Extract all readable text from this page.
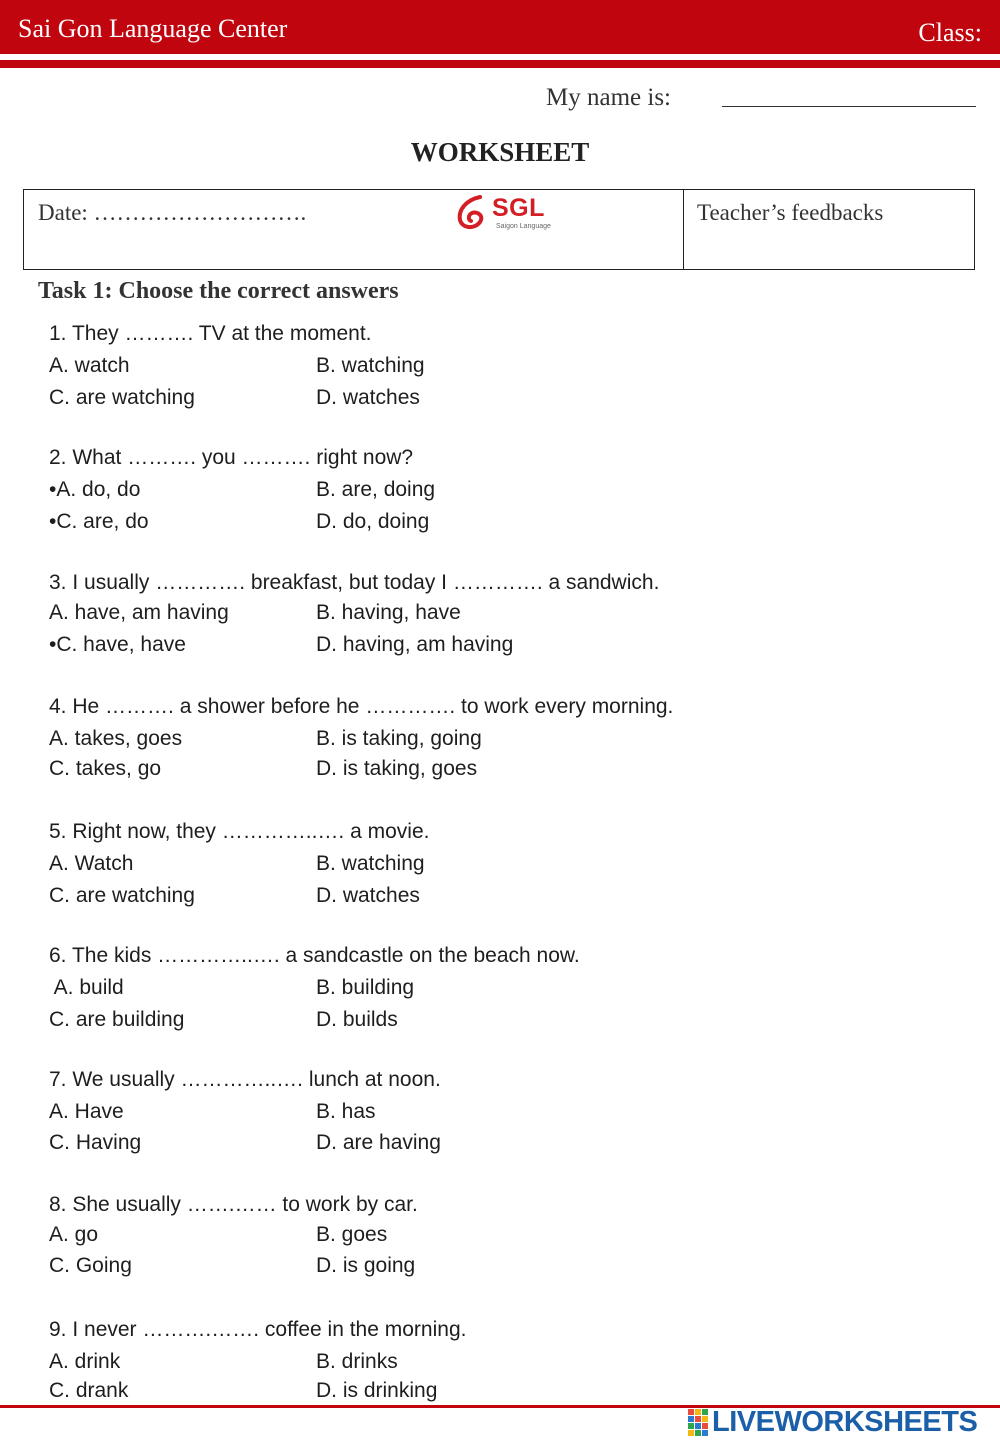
Sai Gon Language Center	Class:
My name is:
WORKSHEET
Date: ……………………….	SGL
Saigon Language
Teacher’s feedbacks
Task 1: Choose the correct answers
1. They ………. TV at the moment.
A. watch	B. watching
C. are watching	D. watches
2. What ………. you ………. right now?
•A. do, do	B. are, doing
•C. are, do	D. do, doing
3. I usually …………. breakfast, but today I …………. a sandwich.
A. have, am having	B. having, have
•C. have, have	D. having, am having
4. He ………. a shower before he …………. to work every morning.
A. takes, goes	B. is taking, going
C. takes, go	D. is taking, goes
5. Right now, they …………..…. a movie.
A. Watch	B. watching
C. are watching	D. watches
6. The kids …………..…. a sandcastle on the beach now.
A. build	B. building
C. are building	D. builds
7. We usually …………..…. lunch at noon.
A. Have	B. has
C. Having	D. are having
8. She usually …….…… to work by car.
A. go	B. goes
C. Going	D. is going
9. I never ……….……. coffee in the morning.
A. drink	B. drinks
C. drank	D. is drinking
LIVEWORKSHEETS
